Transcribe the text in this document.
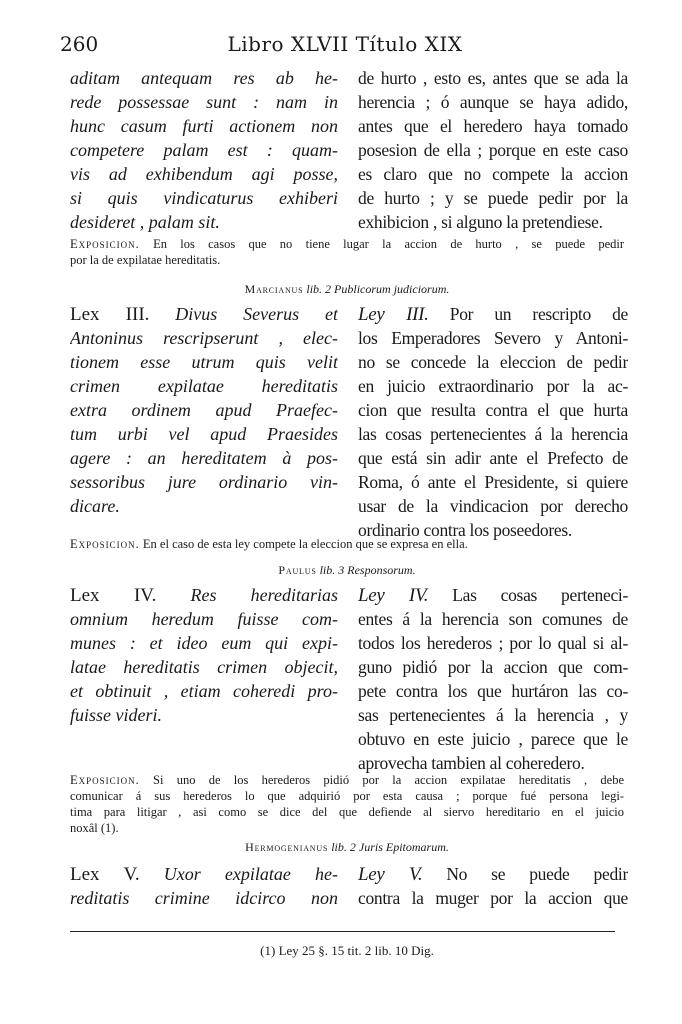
260	Libro XLVII Título XIX
aditam antequam res ab he-
rede possessae sunt : nam in
hunc casum furti actionem non
competere palam est : quam-
vis ad exhibendum agi posse,
si quis vindicaturus exhiberi
desideret , palam sit.
de hurto , esto es, antes que se ada la
herencia ; ó aunque se haya adido,
antes que el heredero haya tomado
posesion de ella ; porque en este caso
es claro que no compete la accion
de hurto ; y se puede pedir por la
exhibicion , si alguno la pretendiese.
Exposicion. En los casos que no tiene lugar la accion de hurto , se puede pedir
por la de expilatae hereditatis.
Marcianus lib. 2 Publicorum judiciorum.
Lex III. Divus Severus et
Antoninus rescripserunt , elec-
tionem esse utrum quis velit
crimen expilatae hereditatis
extra ordinem apud Praefec-
tum urbi vel apud Praesides
agere : an hereditatem à pos-
sessoribus jure ordinario vin-
dicare.
Ley III. Por un rescripto de
los Emperadores Severo y Antoni-
no se concede la eleccion de pedir
en juicio extraordinario por la ac-
cion que resulta contra el que hurta
las cosas pertenecientes á la herencia
que está sin adir ante el Prefecto de
Roma, ó ante el Presidente, si quiere
usar de la vindicacion por derecho
ordinario contra los poseedores.
Exposicion. En el caso de esta ley compete la eleccion que se expresa en ella.
Paulus lib. 3 Responsorum.
Lex IV. Res hereditarias
omnium heredum fuisse com-
munes : et ideo eum qui expi-
latae hereditatis crimen objecit,
et obtinuit , etiam coheredi pro-
fuisse videri.
Ley IV. Las cosas perteneci-
entes á la herencia son comunes de
todos los herederos ; por lo qual si al-
guno pidió por la accion que com-
pete contra los que hurtáron las co-
sas pertenecientes á la herencia , y
obtuvo en este juicio , parece que le
aprovecha tambien al coheredero.
Exposicion. Si uno de los herederos pidió por la accion expilatae hereditatis , debe
comunicar á sus herederos lo que adquirió por esta causa ; porque fué persona legi-
tima para litigar , asi como se dice del que defiende al siervo hereditario en el juicio
noxâl (1).
Hermogenianus lib. 2 Juris Epitomarum.
Lex V. Uxor expilatae he-
reditatis crimine idcirco non
Ley V. No se puede pedir
contra la muger por la accion que
(1) Ley 25 §. 15 tit. 2 lib. 10 Dig.
